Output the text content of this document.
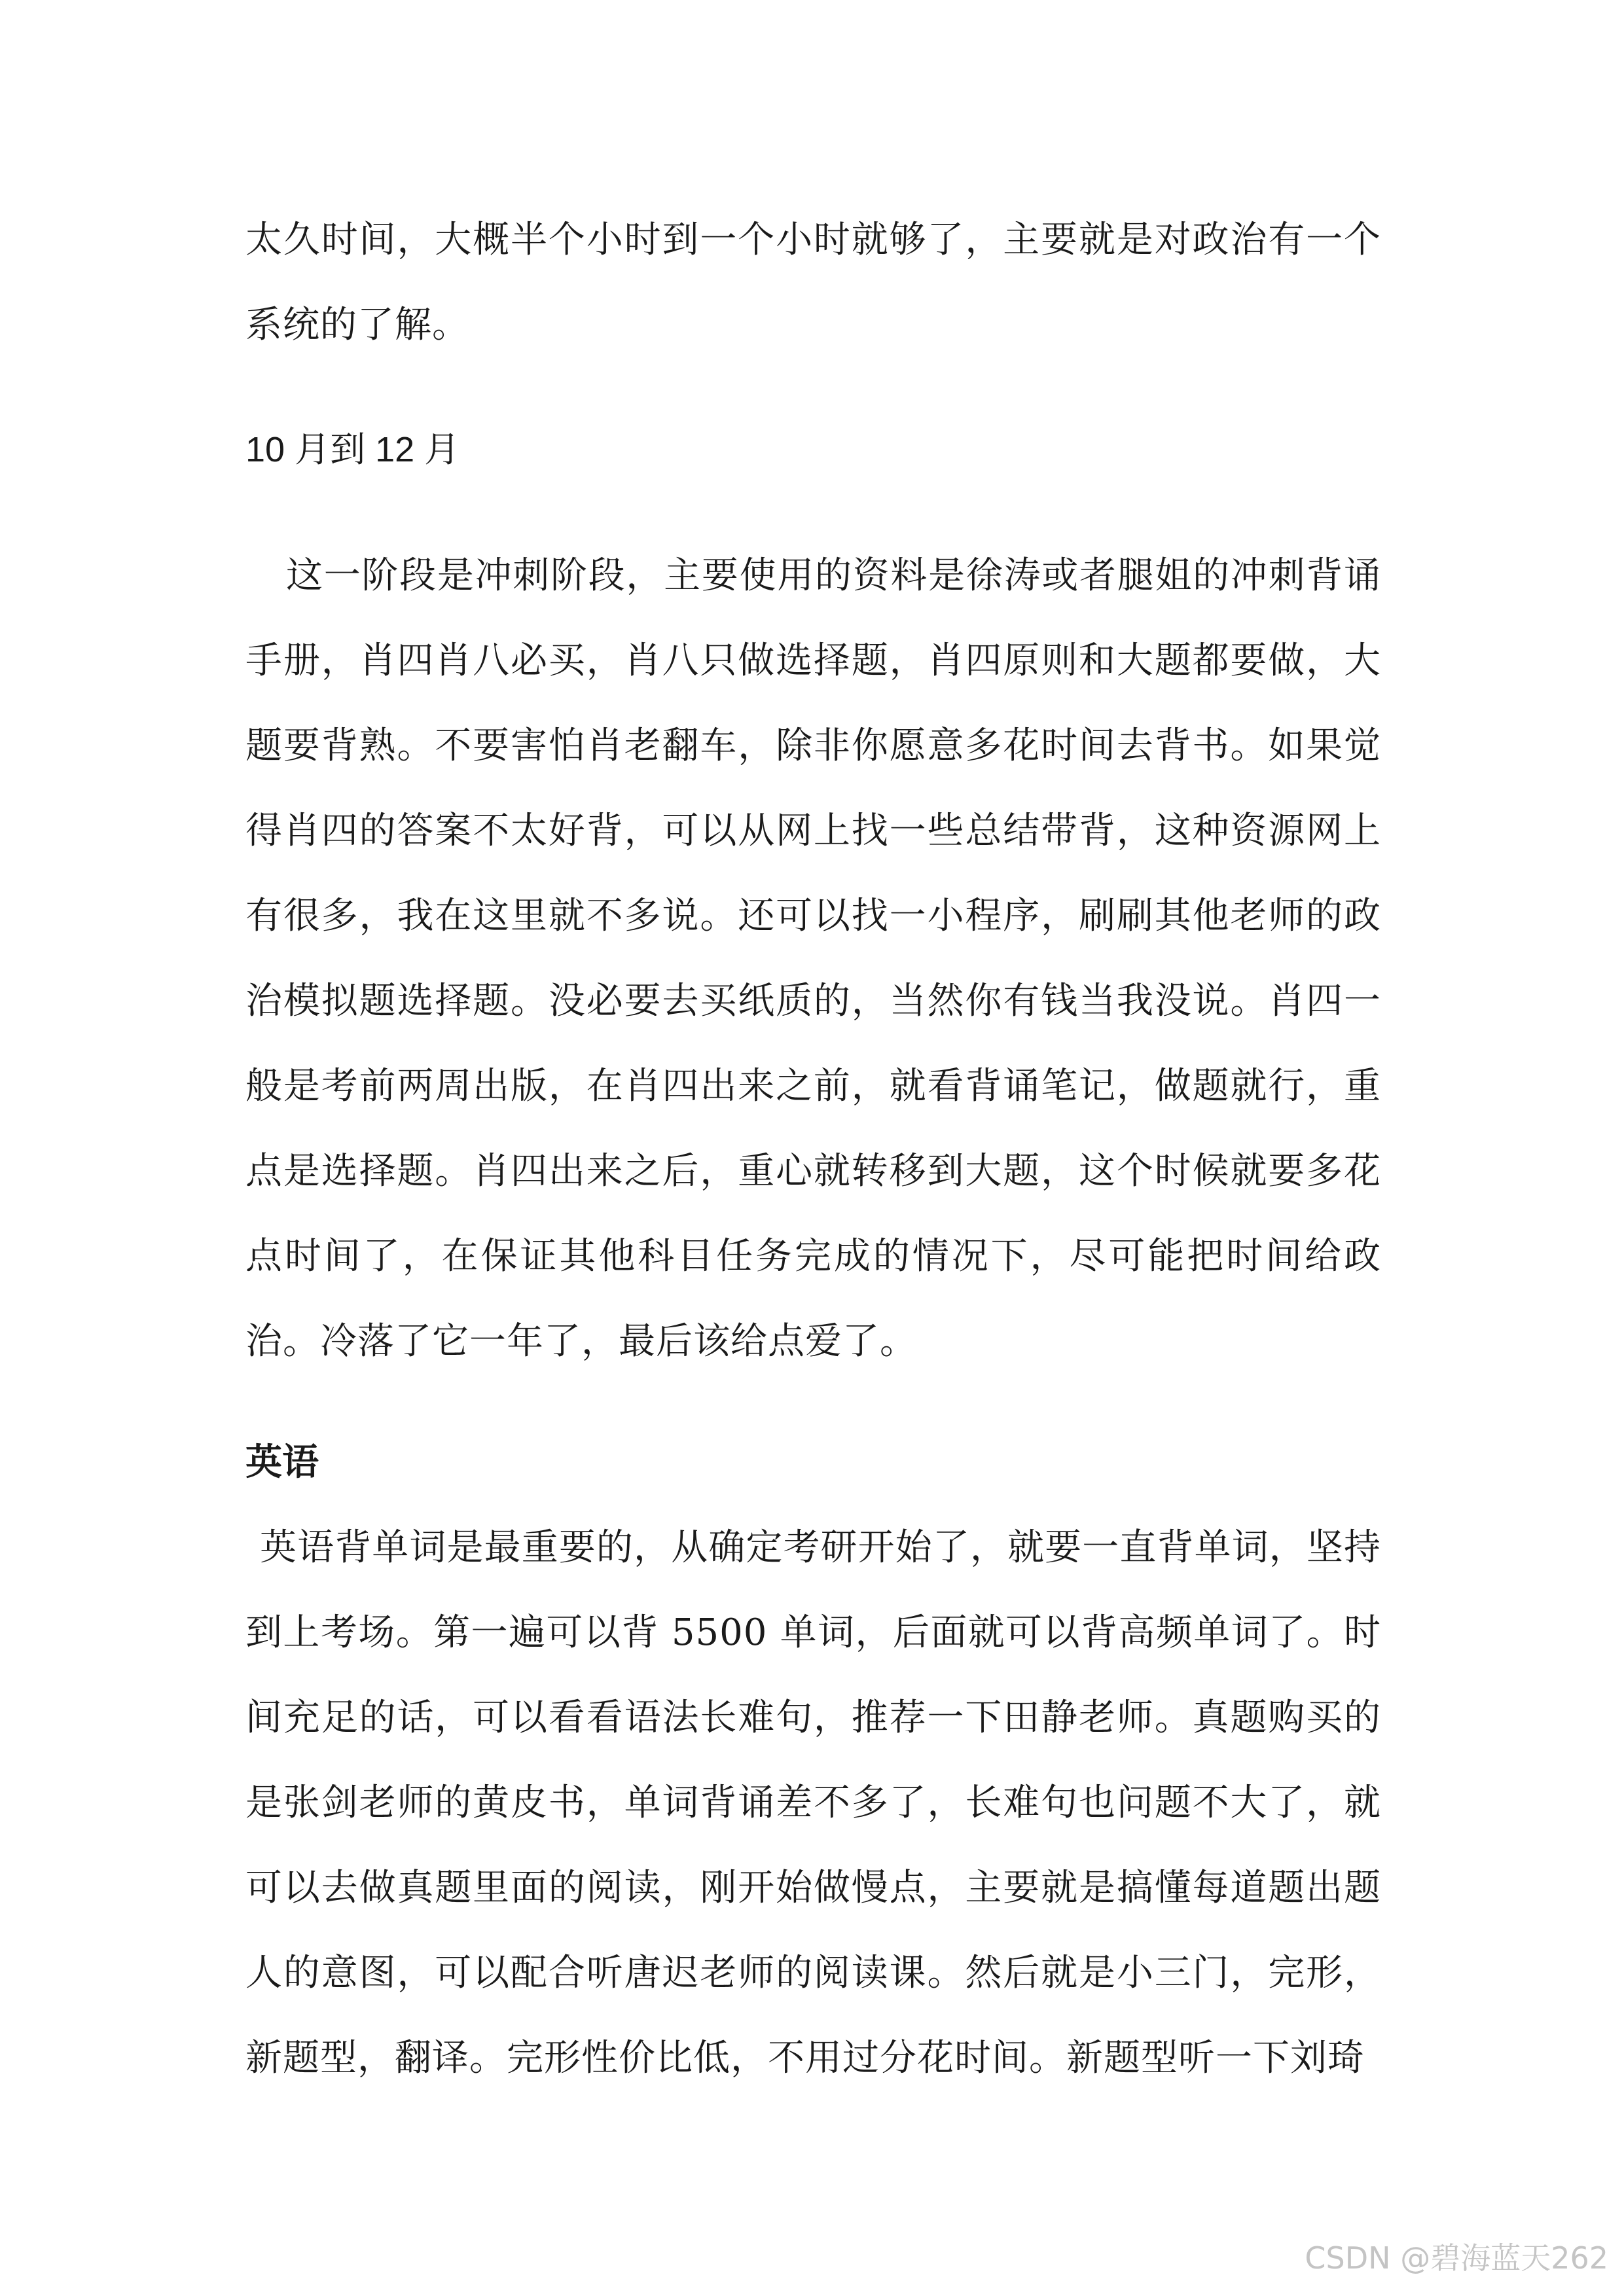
太久时间，大概半个小时到一个小时就够了，主要就是对政治有一个系统的了解。

10 月到 12 月

这一阶段是冲刺阶段，主要使用的资料是徐涛或者腿姐的冲刺背诵手册，肖四肖八必买，肖八只做选择题，肖四原则和大题都要做，大题要背熟。不要害怕肖老翻车，除非你愿意多花时间去背书。如果觉得肖四的答案不太好背，可以从网上找一些总结带背，这种资源网上有很多，我在这里就不多说。还可以找一小程序，刷刷其他老师的政治模拟题选择题。没必要去买纸质的，当然你有钱当我没说。肖四一般是考前两周出版，在肖四出来之前，就看背诵笔记，做题就行，重点是选择题。肖四出来之后，重心就转移到大题，这个时候就要多花点时间了，在保证其他科目任务完成的情况下，尽可能把时间给政治。冷落了它一年了，最后该给点爱了。

英语

英语背单词是最重要的，从确定考研开始了，就要一直背单词，坚持到上考场。第一遍可以背 5500 单词，后面就可以背高频单词了。时间充足的话，可以看看语法长难句，推荐一下田静老师。真题购买的是张剑老师的黄皮书，单词背诵差不多了，长难句也问题不大了，就可以去做真题里面的阅读，刚开始做慢点，主要就是搞懂每道题出题人的意图，可以配合听唐迟老师的阅读课。然后就是小三门，完形，新题型，翻译。完形性价比低，不用过分花时间。新题型听一下刘琦

CSDN @碧海蓝天262
